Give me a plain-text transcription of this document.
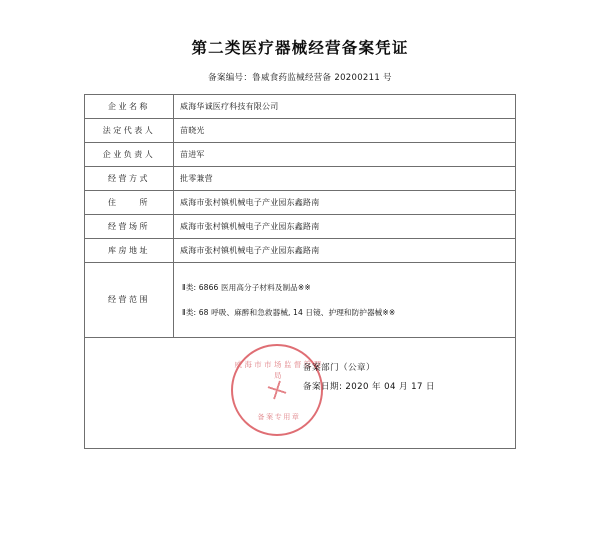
第二类医疗器械经营备案凭证
备案编号：鲁威食药监械经营备 20200211 号
企业名称	威海华诚医疗科技有限公司
法定代表人	苗晓光
企业负责人	苗进军
经营方式	批零兼营
住　　所	威海市张村镇机械电子产业园东鑫路南
经营场所	威海市张村镇机械电子产业园东鑫路南
库房地址	威海市张村镇机械电子产业园东鑫路南
经营范围	Ⅱ类: 6866 医用高分子材料及制品※※
Ⅱ类: 68 呼吸、麻醉和急救器械, 14 日镜、护理和防护器械※※

威海市市场监督管理局
备案专用章
备案部门（公章）
备案日期: 2020 年 04 月 17 日	
